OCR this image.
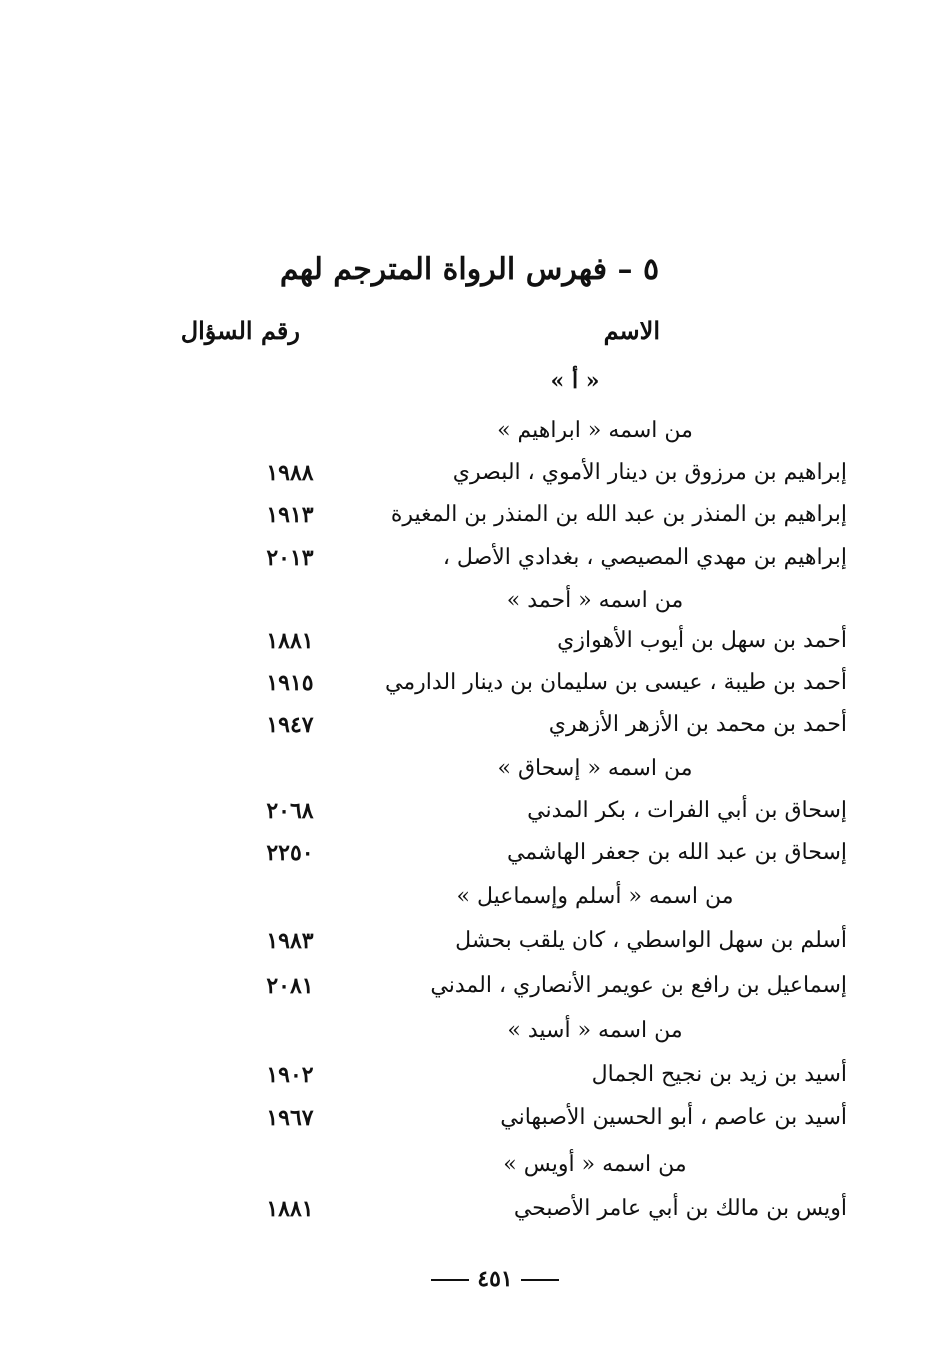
٥ – فهرس الرواة المترجم لهم
الاسم
رقم السؤال
« أ »
من اسمه « ابراهيم »
إبراهيم بن مرزوق بن دينار الأموي ، البصري
١٩٨٨
إبراهيم بن المنذر بن عبد الله بن المنذر بن المغيرة
١٩١٣
إبراهيم بن مهدي المصيصي ، بغدادي الأصل ،
٢٠١٣
من اسمه « أحمد »
أحمد بن سهل بن أيوب الأهوازي
١٨٨١
أحمد بن طيبة ، عيسى بن سليمان بن دينار الدارمي
١٩١٥
أحمد بن محمد بن الأزهر الأزهري
١٩٤٧
من اسمه « إسحاق »
إسحاق بن أبي الفرات ، بكر المدني
٢٠٦٨
إسحاق بن عبد الله بن جعفر الهاشمي
٢٢٥٠
من اسمه « أسلم وإسماعيل »
أسلم بن سهل الواسطي ، كان يلقب بحشل
١٩٨٣
إسماعيل بن رافع بن عويمر الأنصاري ، المدني
٢٠٨١
من اسمه « أسيد »
أسيد بن زيد بن نجيح الجمال
١٩٠٢
أسيد بن عاصم ، أبو الحسين الأصبهاني
١٩٦٧
من اسمه « أويس »
أويس بن مالك بن أبي عامر الأصبحي
١٨٨١
٤٥١
